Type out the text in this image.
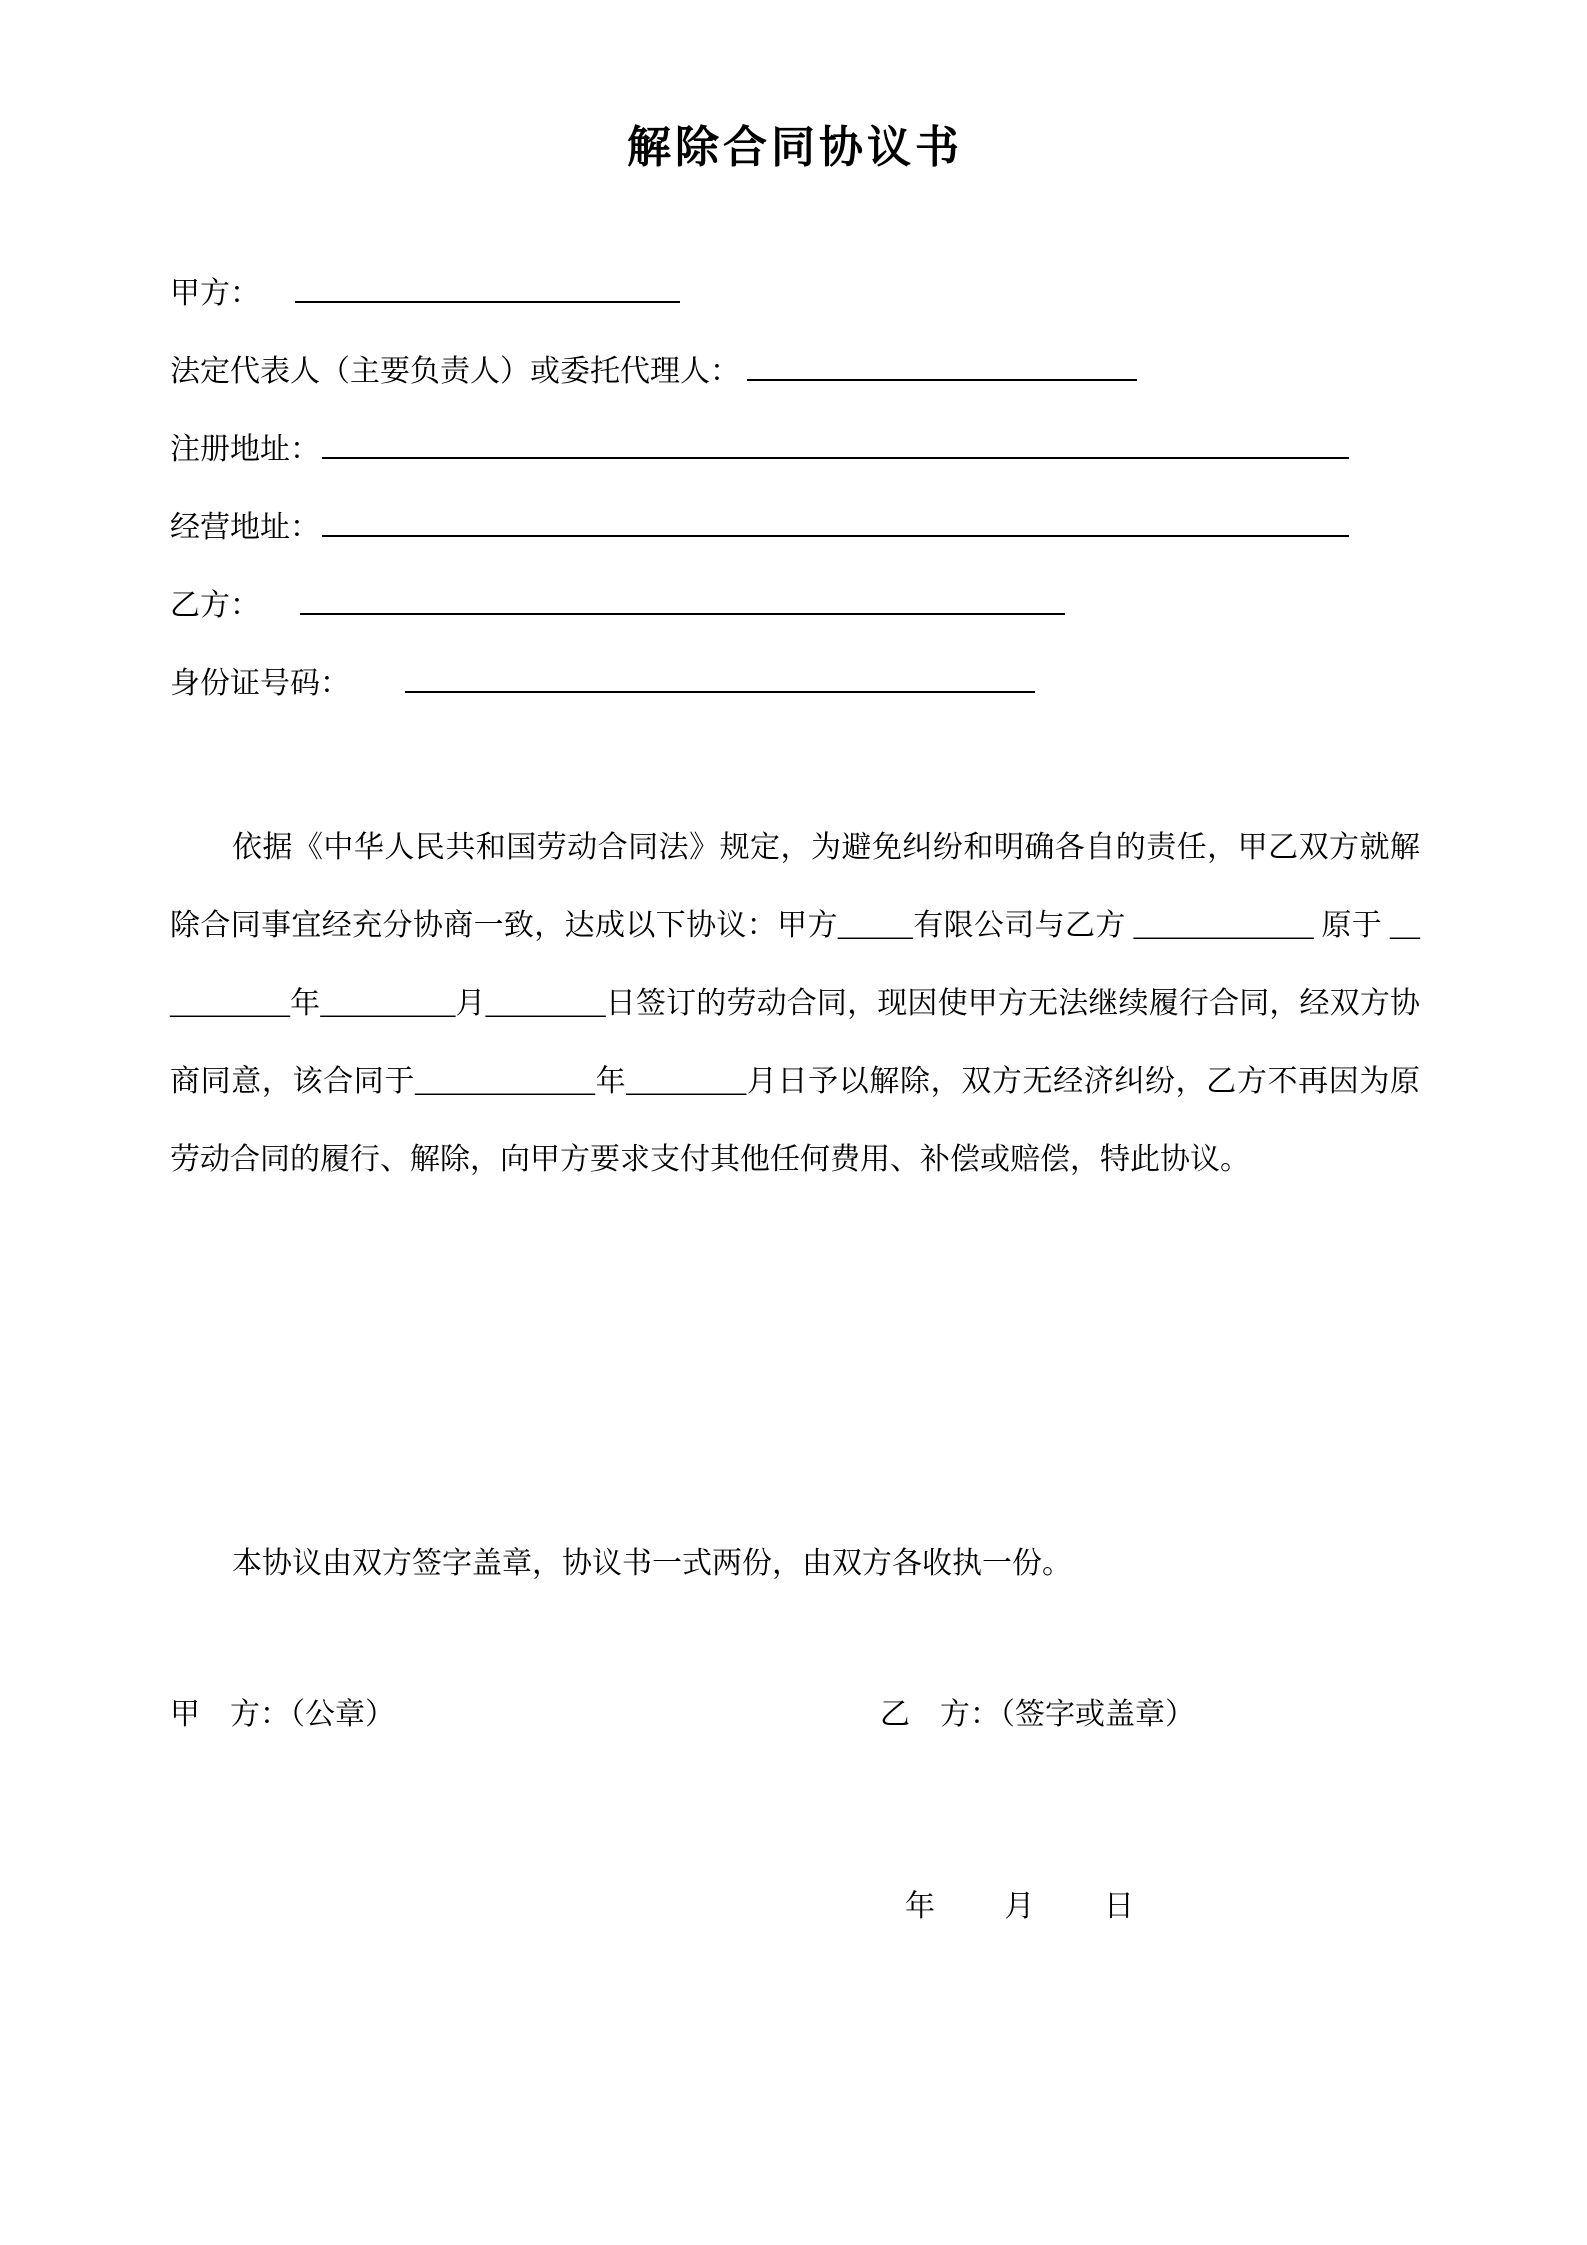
解除合同协议书
甲方：
法定代表人（主要负责人）或委托代理人：
注册地址：
经营地址：
乙方：
身份证号码：

依据《中华人民共和国劳动合同法》规定，为避免纠纷和明确各自的责任，甲乙双方就解除合同事宜经充分协商一致，达成以下协议：甲方_____有限公司与乙方 ____________ 原于 __________年_________月________日签订的劳动合同，现因使甲方无法继续履行合同，经双方协商同意，该合同于____________年________月日予以解除，双方无经济纠纷，乙方不再因为原劳动合同的履行、解除，向甲方要求支付其他任何费用、补偿或赔偿，特此协议。

本协议由双方签字盖章，协议书一式两份，由双方各收执一份。

甲　方：（公章）	乙　方：（签字或盖章）
年 月 日
